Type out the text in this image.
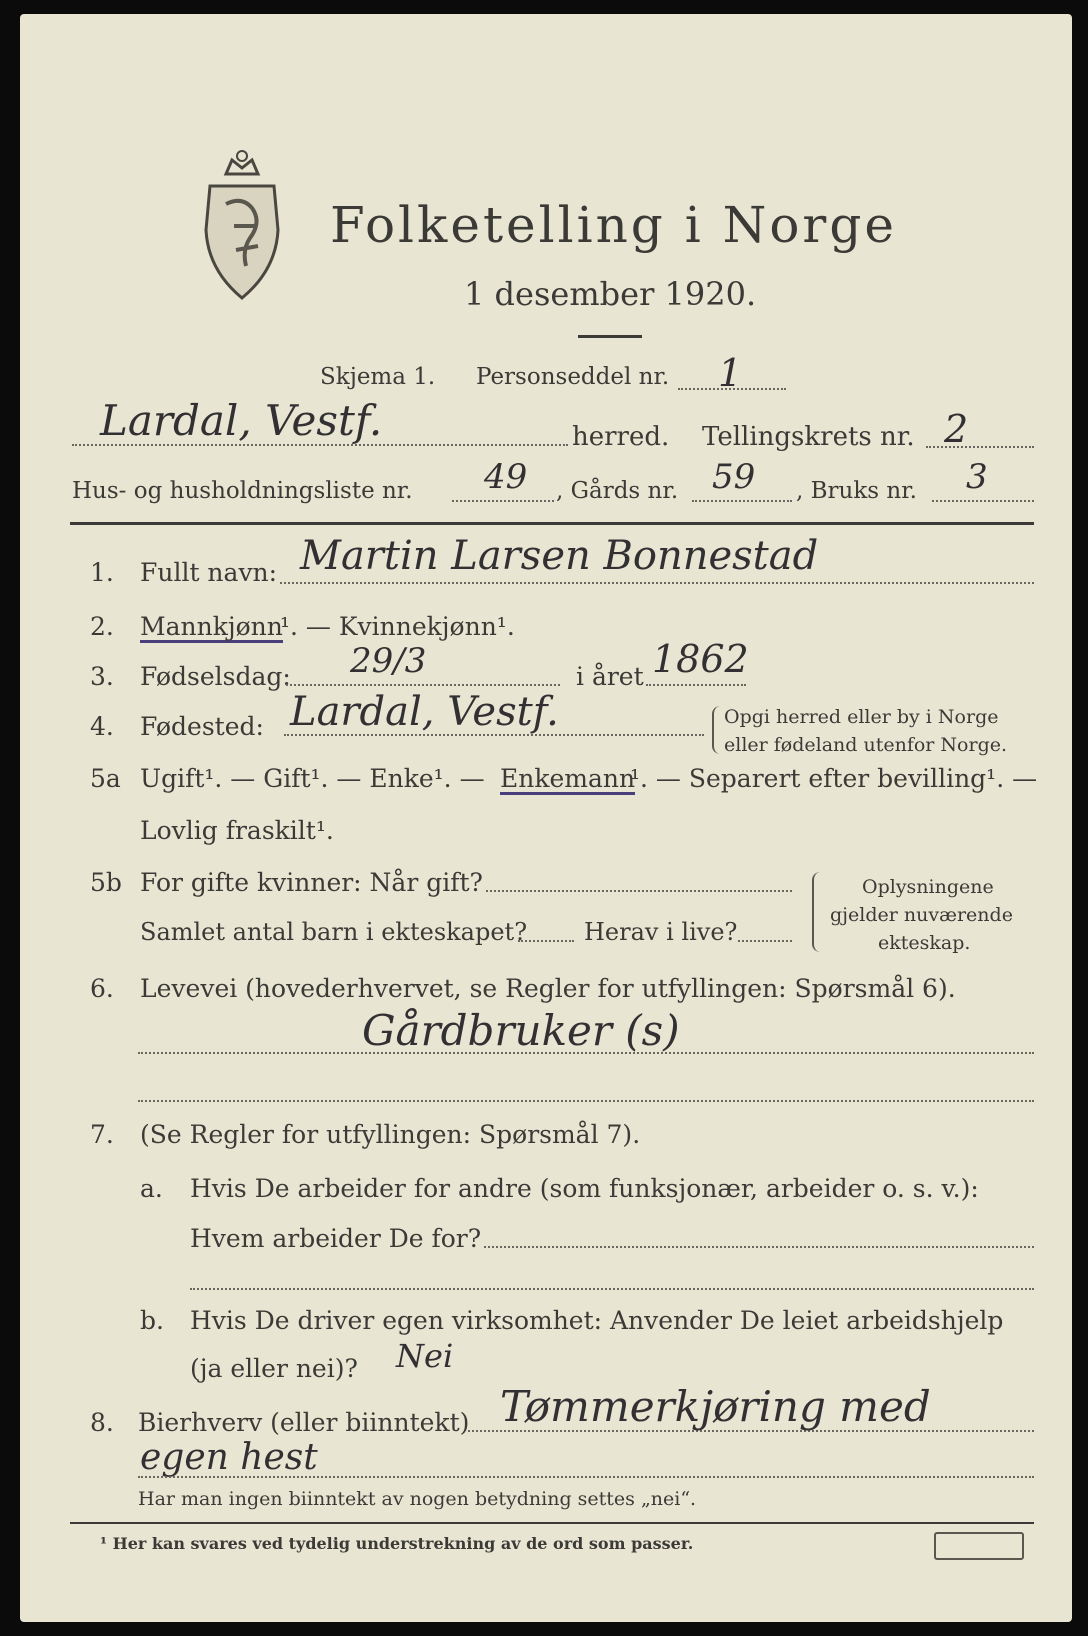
Folketelling i Norge
1 desember 1920.
Skjema 1. Personseddel nr. 1
Lardal, Vestf.	herred. Tellingskrets nr. 2
Hus- og husholdningsliste nr. 49 , Gårds nr. 59 , Bruks nr. 3
1. Fullt navn: Martin Larsen Bonnestad
2. Mannkjønn
¹. — Kvinnekjønn¹.
3. Fødselsdag: 29/3	i året 1862
4. Fødested: Lardal, Vestf.	Opgi herred eller by i Norge
eller fødeland utenfor Norge.
5a Ugift¹. — Gift¹. — Enke¹. — Enkemann
¹. — Separert efter bevilling¹. —
Lovlig fraskilt¹.
5b For gifte kvinner: Når gift?
Samlet antal barn i ekteskapet? Herav i live?
Oplysningene
gjelder nuværende
ekteskap.
6. Levevei (hovederhvervet, se Regler for utfyllingen: Spørsmål 6).
Gårdbruker (s)
7. (Se Regler for utfyllingen: Spørsmål 7).
a. Hvis De arbeider for andre (som funksjonær, arbeider o. s. v.):
Hvem arbeider De for?
b. Hvis De driver egen virksomhet: Anvender De leiet arbeidshjelp
(ja eller nei)? Nei
8. Bierhverv (eller biinntekt) Tømmerkjøring med
egen hest
Har man ingen biinntekt av nogen betydning settes „nei“.
¹ Her kan svares ved tydelig understrekning av de ord som passer.
